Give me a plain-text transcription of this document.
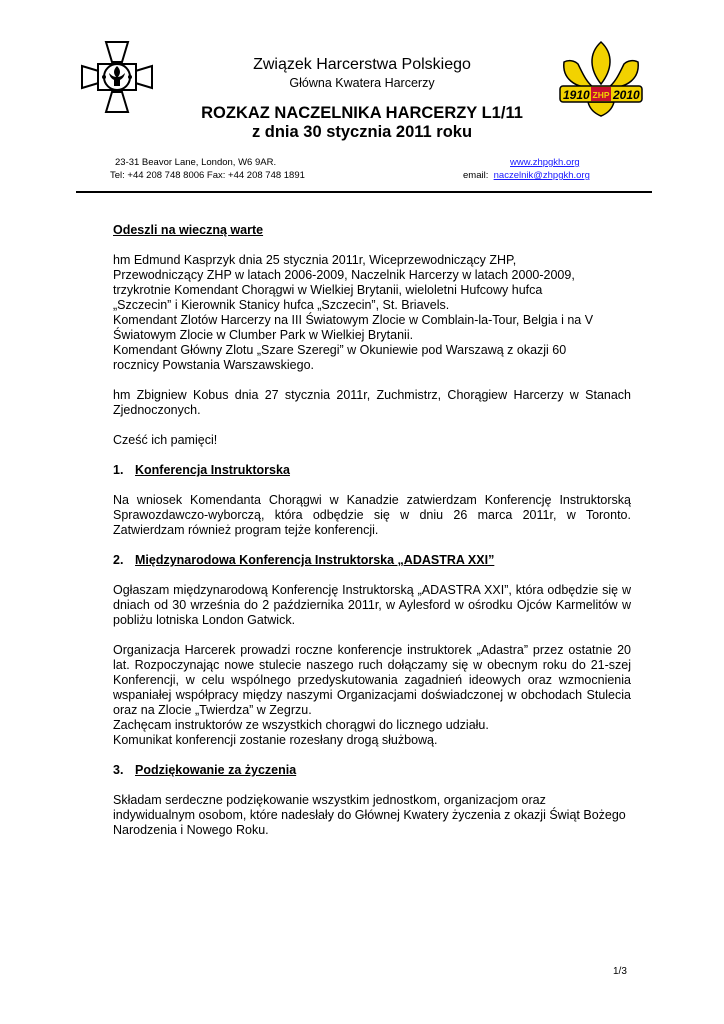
1910 ZHP 2010
Związek Harcerstwa Polskiego
Główna Kwatera Harcerzy
ROZKAZ NACZELNIKA HARCERZY L1/11
z dnia 30 stycznia 2011 roku
23-31 Beavor Lane, London, W6 9AR.
Tel: +44 208 748 8006 Fax: +44 208 748 1891
www.zhpgkh.org
email: naczelnik@zhpgkh.org

Odeszli na wieczną warte

hm Edmund Kasprzyk dnia 25 stycznia 2011r, Wiceprzewodniczący ZHP,
Przewodniczący ZHP w latach 2006-2009, Naczelnik Harcerzy w latach 2000-2009,
trzykrotnie Komendant Chorągwi w Wielkiej Brytanii, wieloletni Hufcowy hufca
„Szczecin” i Kierownik Stanicy hufca „Szczecin”, St. Briavels.
Komendant Zlotów Harcerzy na III Światowym Zlocie w Comblain-la-Tour, Belgia i na V
Światowym Zlocie w Clumber Park w Wielkiej Brytanii.
Komendant Główny Zlotu „Szare Szeregi” w Okuniewie pod Warszawą z okazji 60
rocznicy Powstania Warszawskiego.

hm Zbigniew Kobus dnia 27 stycznia 2011r, Zuchmistrz, Chorągiew Harcerzy w Stanach Zjednoczonych.

Cześć ich pamięci!

1. Konferencja Instruktorska

Na wniosek Komendanta Chorągwi w Kanadzie zatwierdzam Konferencję Instruktorską Sprawozdawczo-wyborczą, która odbędzie się w dniu 26 marca 2011r, w Toronto. Zatwierdzam również program tejże konferencji.

2. Międzynarodowa Konferencja Instruktorska „ADASTRA XXI”

Ogłaszam międzynarodową Konferencję Instruktorską „ADASTRA XXI”, która odbędzie się w dniach od 30 września do 2 października 2011r, w Aylesford w ośrodku Ojców Karmelitów w pobliżu lotniska London Gatwick.

Organizacja Harcerek prowadzi roczne konferencje instruktorek „Adastra” przez ostatnie 20 lat. Rozpoczynając nowe stulecie naszego ruch dołączamy się w obecnym roku do 21-szej Konferencji, w celu wspólnego przedyskutowania zagadnień ideowych oraz wzmocnienia wspaniałej współpracy między naszymi Organizacjami doświadczonej w obchodach Stulecia oraz na Zlocie „Twierdza” w Zegrzu.

Zachęcam instruktorów ze wszystkich chorągwi do licznego udziału.

Komunikat konferencji zostanie rozesłany drogą służbową.

3. Podziękowanie za życzenia

Składam serdeczne podziękowanie wszystkim jednostkom, organizacjom oraz indywidualnym osobom, które nadesłały do Głównej Kwatery życzenia z okazji Świąt Bożego Narodzenia i Nowego Roku.

1/3
